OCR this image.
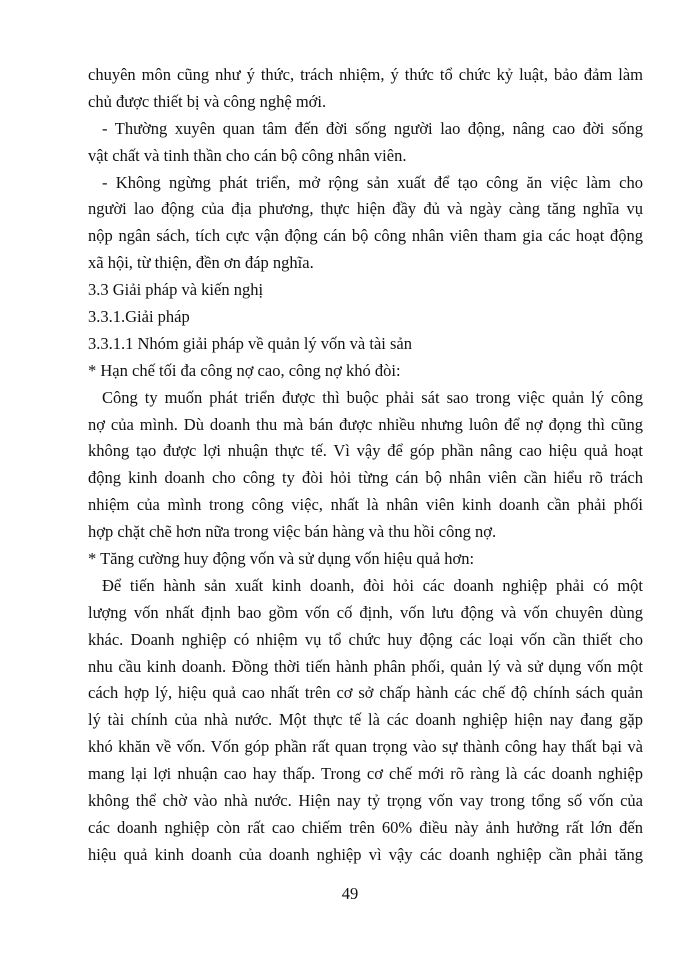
chuyên môn cũng như ý thức, trách nhiệm, ý thức tổ chức kỷ luật, bảo đảm làm
chủ được thiết bị và công nghệ mới.
- Thường xuyên quan tâm đến đời sống người lao động, nâng cao đời sống
vật chất và tinh thần cho cán bộ công nhân viên.
- Không ngừng phát triển, mở rộng sản xuất để tạo công ăn việc làm cho
người lao động của địa phương, thực hiện đầy đủ và ngày càng tăng nghĩa vụ
nộp ngân sách, tích cực vận động cán bộ công nhân viên tham gia các hoạt động
xã hội, từ thiện, đền ơn đáp nghĩa.
3.3 Giải pháp và kiến nghị
3.3.1.Giải pháp
3.3.1.1 Nhóm giải pháp về quản lý vốn và tài sản
* Hạn chế tối đa công nợ cao, công nợ khó đòi:
Công ty muốn phát triển được thì buộc phải sát sao trong việc quản lý công
nợ của mình. Dù doanh thu mà bán được nhiều nhưng luôn để nợ đọng thì cũng
không tạo được lợi nhuận thực tế. Vì vậy để góp phần nâng cao hiệu quả hoạt
động kinh doanh cho công ty đòi hỏi từng cán bộ nhân viên cần hiểu rõ trách
nhiệm của mình trong công việc, nhất là nhân viên kinh doanh cần phải phối
hợp chặt chẽ hơn nữa trong việc bán hàng và thu hồi công nợ.
* Tăng cường huy động vốn và sử dụng vốn hiệu quả hơn:
Để tiến hành sản xuất kinh doanh, đòi hỏi các doanh nghiệp phải có một
lượng vốn nhất định bao gồm vốn cố định, vốn lưu động và vốn chuyên dùng
khác. Doanh nghiệp có nhiệm vụ tổ chức huy động các loại vốn cần thiết cho
nhu cầu kinh doanh. Đồng thời tiến hành phân phối, quản lý và sử dụng vốn một
cách hợp lý, hiệu quả cao nhất trên cơ sở chấp hành các chế độ chính sách quản
lý tài chính của nhà nước. Một thực tế là các doanh nghiệp hiện nay đang gặp
khó khăn về vốn. Vốn góp phần rất quan trọng vào sự thành công hay thất bại và
mang lại lợi nhuận cao hay thấp. Trong cơ chế mới rõ ràng là các doanh nghiệp
không thể chờ vào nhà nước. Hiện nay tỷ trọng vốn vay trong tổng số vốn của
các doanh nghiệp còn rất cao chiếm trên 60% điều này ảnh hưởng rất lớn đến
hiệu quả kinh doanh của doanh nghiệp vì vậy các doanh nghiệp cần phải tăng
49
